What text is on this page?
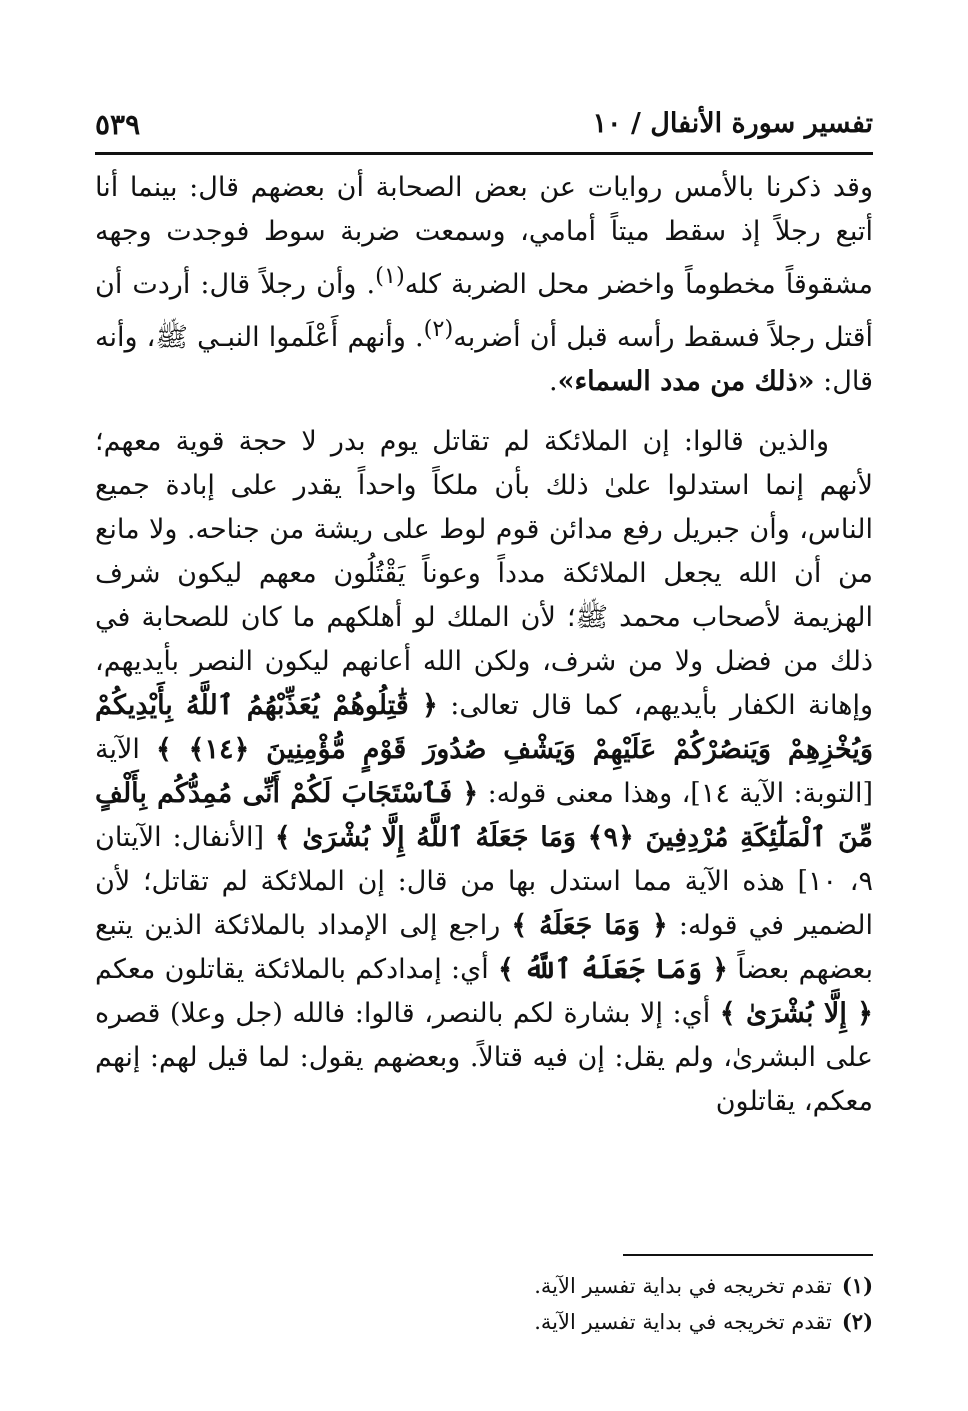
تفسير سورة الأنفال / ١٠
٥٣٩

وقد ذكرنا بالأمس روايات عن بعض الصحابة أن بعضهم قال: بينما أنا أتبع رجلاً إذ سقط ميتاً أمامي، وسمعت ضربة سوط فوجدت وجهه مشقوقاً مخطوماً واخضر محل الضربة كله$^{(١)}$. وأن رجلاً قال: أردت أن أقتل رجلاً فسقط رأسه قبل أن أضربه$^{(٢)}$. وأنهم أَعْلَموا النبـي ﷺ، وأنه قال: «ذلك من مدد السماء».

والذين قالوا: إن الملائكة لم تقاتل يوم بدر لا حجة قوية معهم؛ لأنهم إنما استدلوا علىٰ ذلك بأن ملكاً واحداً يقدر على إبادة جميع الناس، وأن جبريل رفع مدائن قوم لوط على ريشة من جناحه. ولا مانع من أن الله يجعل الملائكة مدداً وعوناً يَقْتُلُون معهم ليكون شرف الهزيمة لأصحاب محمد ﷺ؛ لأن الملك لو أهلكهم ما كان للصحابة في ذلك من فضل ولا من شرف، ولكن الله أعانهم ليكون النصر بأيديهم، وإهانة الكفار بأيديهم، كما قال تعالى: ﴿ قَٰتِلُوهُمْ يُعَذِّبْهُمُ ٱللَّهُ بِأَيْدِيكُمْ وَيُخْزِهِمْ وَيَنصُرْكُمْ عَلَيْهِمْ وَيَشْفِ صُدُورَ قَوْمٍ مُّؤْمِنِينَ ﴿١٤﴾ ﴾ الآية [التوبة: الآية ١٤]، وهذا معنى قوله: ﴿ فَٱسْتَجَابَ لَكُمْ أَنِّى مُمِدُّكُم بِأَلْفٍ مِّنَ ٱلْمَلَٰٓئِكَةِ مُرْدِفِينَ ﴿٩﴾ وَمَا جَعَلَهُ ٱللَّهُ إِلَّا بُشْرَىٰ ﴾ [الأنفال: الآيتان ٩، ١٠] هذه الآية مما استدل بها من قال: إن الملائكة لم تقاتل؛ لأن الضمير في قوله: ﴿ وَمَا جَعَلَهُ ﴾ راجع إلى الإمداد بالملائكة الذين يتبع بعضهم بعضاً ﴿ وَمَا جَعَلَهُ ٱللَّهُ ﴾ أي: إمدادكم بالملائكة يقاتلون معكم ﴿ إِلَّا بُشْرَىٰ ﴾ أي: إلا بشارة لكم بالنصر، قالوا: فالله (جل وعلا) قصره على البشرىٰ، ولم يقل: إن فيه قتالاً. وبعضهم يقول: لما قيل لهم: إنهم معكم، يقاتلون

(١)تقدم تخريجه في بداية تفسير الآية.
(٢)تقدم تخريجه في بداية تفسير الآية.
